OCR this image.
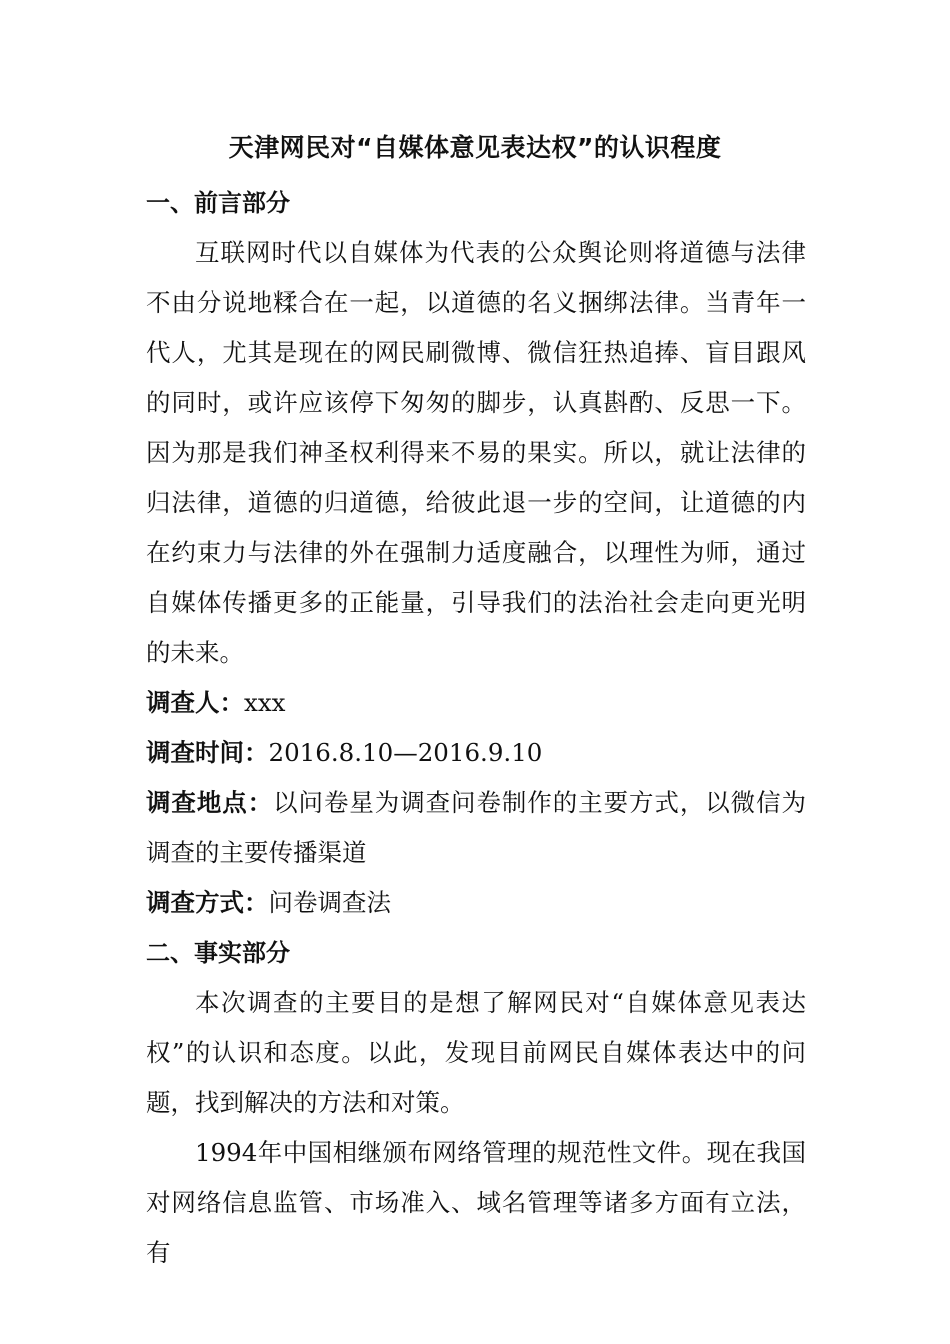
天津网民对“自媒体意见表达权”的认识程度

一、前言部分

互联网时代以自媒体为代表的公众舆论则将道德与法律不由分说地糅合在一起，以道德的名义捆绑法律。当青年一代人，尤其是现在的网民刷微博、微信狂热追捧、盲目跟风的同时，或许应该停下匆匆的脚步，认真斟酌、反思一下。因为那是我们神圣权利得来不易的果实。所以，就让法律的归法律，道德的归道德，给彼此退一步的空间，让道德的内在约束力与法律的外在强制力适度融合，以理性为师，通过自媒体传播更多的正能量，引导我们的法治社会走向更光明的未来。

调查人：xxx

调查时间：2016.8.10—2016.9.10

调查地点：以问卷星为调查问卷制作的主要方式，以微信为调查的主要传播渠道

调查方式：问卷调查法

二、事实部分

本次调查的主要目的是想了解网民对“自媒体意见表达权”的认识和态度。以此，发现目前网民自媒体表达中的问题，找到解决的方法和对策。

1994年中国相继颁布网络管理的规范性文件。现在我国对网络信息监管、市场准入、域名管理等诸多方面有立法，有
